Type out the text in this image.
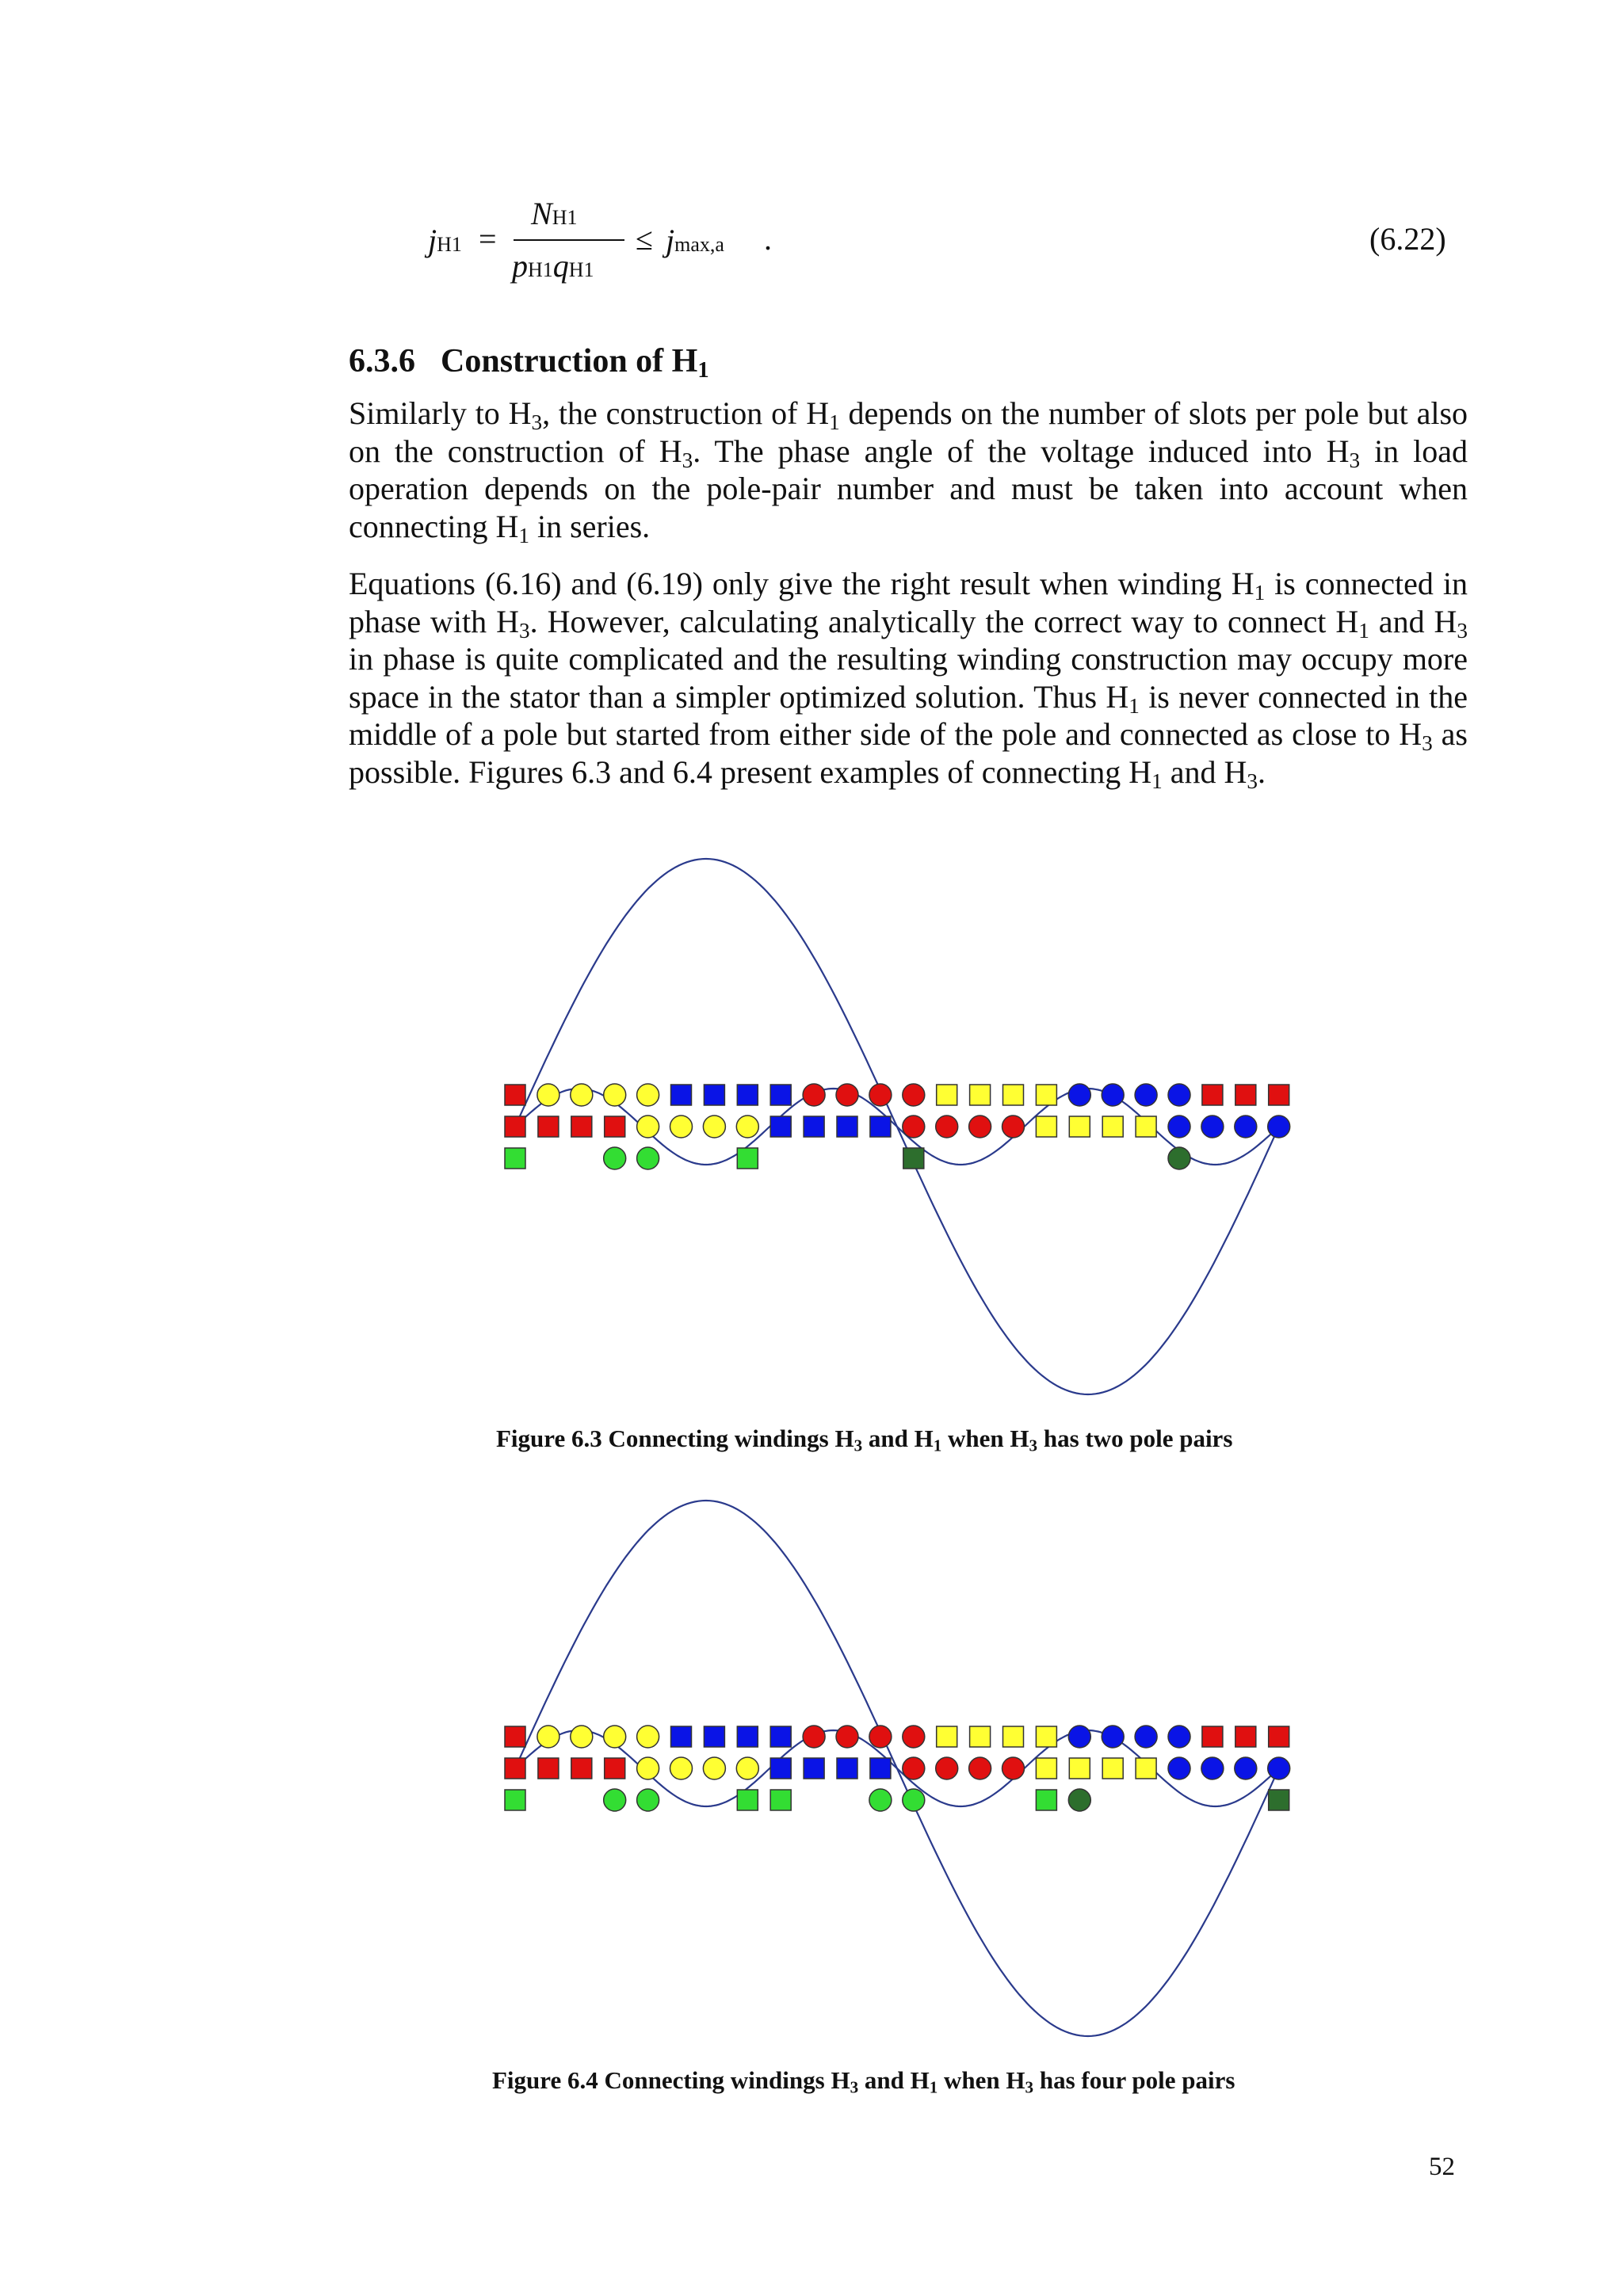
jH1 =
NH1
pH1qH1
≤ jmax,a .	(6.22)
6.3.6 Construction of $H_1$

Similarly to $H_3$, the construction of $H_1$ depends on the number of slots per pole but also on the construction of $H_3$. The phase angle of the voltage induced into $H_3$ in load operation depends on the pole-pair number and must be taken into account when connecting $H_1$ in series.

Equations (6.16) and (6.19) only give the right result when winding $H_1$ is connected in phase with $H_3$. However, calculating analytically the correct way to connect $H_1$ and $H_3$ in phase is quite complicated and the resulting winding construction may occupy more space in the stator than a simpler optimized solution. Thus $H_1$ is never connected in the middle of a pole but started from either side of the pole and connected as close to $H_3$ as possible. Figures 6.3 and 6.4 present examples of connecting $H_1$ and $H_3$.

Figure 6.3 Connecting windings $H_3$ and $H_1$ when $H_3$ has two pole pairs
Figure 6.4 Connecting windings $H_3$ and $H_1$ when $H_3$ has four pole pairs
52
